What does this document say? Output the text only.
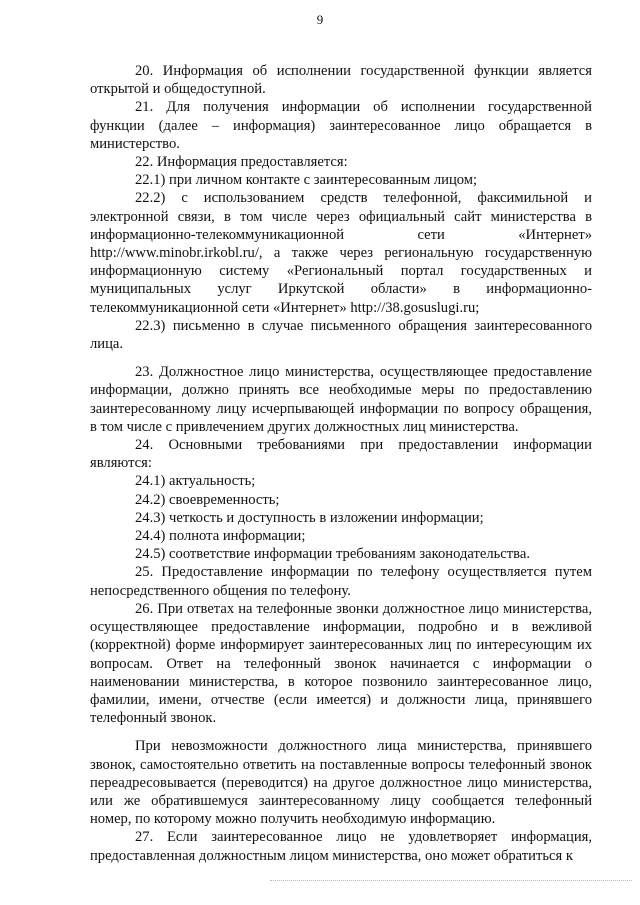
9

20. Информация об исполнении государственной функции является открытой и общедоступной.

21. Для получения информации об исполнении государственной функции (далее – информация) заинтересованное лицо обращается в министерство.

22. Информация предоставляется:

22.1) при личном контакте с заинтересованным лицом;

22.2) с использованием средств телефонной, факсимильной и электронной связи, в том числе через официальный сайт министерства в информационно-телекоммуникационной сети «Интернет» http://www.minobr.irkobl.ru/, а также через региональную государственную информационную систему «Региональный портал государственных и муниципальных услуг Иркутской области» в информационно-телекоммуникационной сети «Интернет» http://38.gosuslugi.ru;

22.3) письменно в случае письменного обращения заинтересованного лица.

23. Должностное лицо министерства, осуществляющее предоставление информации, должно принять все необходимые меры по предоставлению заинтересованному лицу исчерпывающей информации по вопросу обращения, в том числе с привлечением других должностных лиц министерства.

24. Основными требованиями при предоставлении информации являются:

24.1) актуальность;

24.2) своевременность;

24.3) четкость и доступность в изложении информации;

24.4) полнота информации;

24.5) соответствие информации требованиям законодательства.

25. Предоставление информации по телефону осуществляется путем непосредственного общения по телефону.

26. При ответах на телефонные звонки должностное лицо министерства, осуществляющее предоставление информации, подробно и в вежливой (корректной) форме информирует заинтересованных лиц по интересующим их вопросам. Ответ на телефонный звонок начинается с информации о наименовании министерства, в которое позвонило заинтересованное лицо, фамилии, имени, отчестве (если имеется) и должности лица, принявшего телефонный звонок.

При невозможности должностного лица министерства, принявшего звонок, самостоятельно ответить на поставленные вопросы телефонный звонок переадресовывается (переводится) на другое должностное лицо министерства, или же обратившемуся заинтересованному лицу сообщается телефонный номер, по которому можно получить необходимую информацию.

27. Если заинтересованное лицо не удовлетворяет информация, предоставленная должностным лицом министерства, оно может обратиться к
